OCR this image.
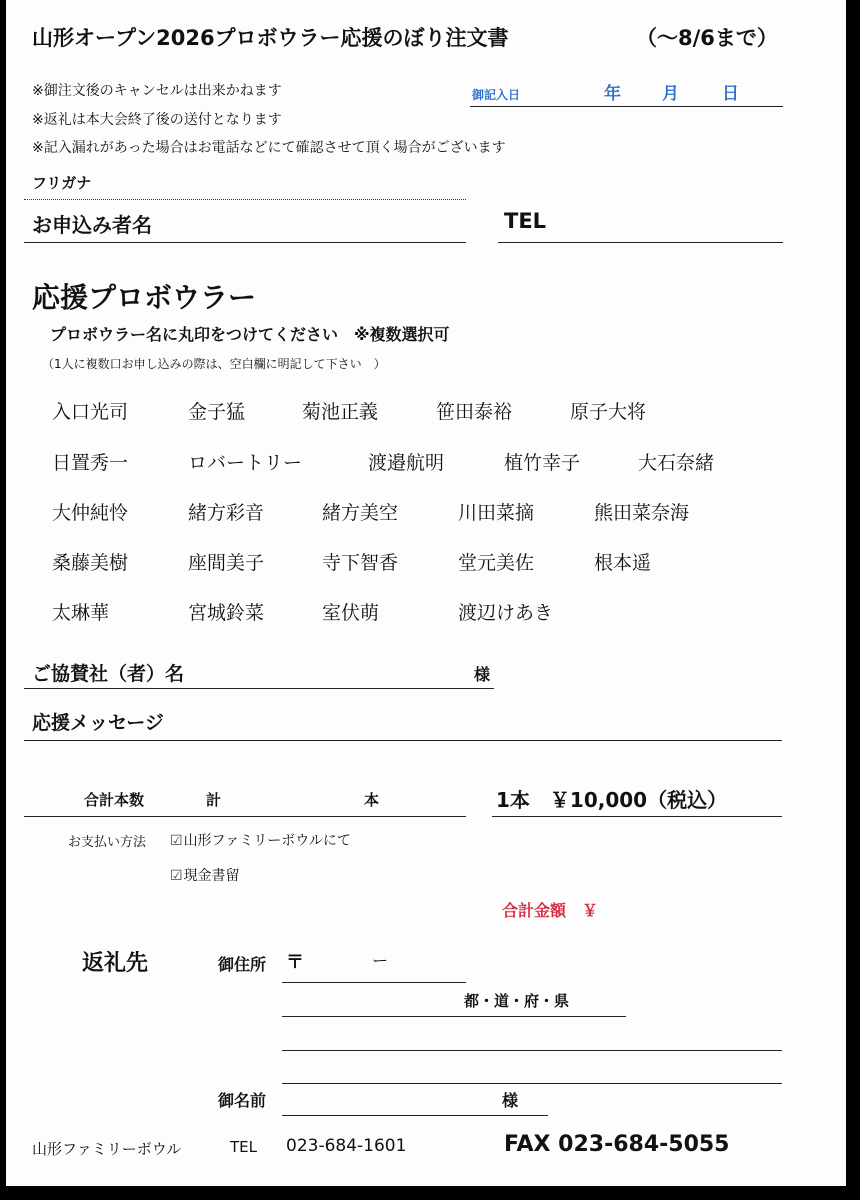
山形オープン2026プロボウラー応援のぼり注文書	（〜8/6まで）
※御注文後のキャンセルは出来かねます
※返礼は本大会終了後の送付となります
※記入漏れがあった場合はお電話などにて確認させて頂く場合がございます
御記入日	年 月	日
フリガナ
お申込み者名	TEL
応援プロボウラー
プロボウラー名に丸印をつけてください　※複数選択可
（1人に複数口お申し込みの際は、空白欄に明記して下さい　）
入口光司	金子猛	菊池正義	笹田泰裕	原子大将
日置秀一	ロバートリー	渡邉航明	植竹幸子	大石奈緒
大仲純怜	緒方彩音	緒方美空	川田菜摘	熊田菜奈海
桑藤美樹	座間美子	寺下智香	堂元美佐	根本遥
太琳華	宮城鈴菜	室伏萌	渡辺けあき
ご協賛社（者）名	様
応援メッセージ
合計本数	計	本	1本　￥10,000（税込）
お支払い方法 ☑山形ファミリーボウルにて
☑現金書留
合計金額　￥
返礼先	御住所 〒	ー
都・道・府・県
御名前	様
山形ファミリーボウル	TEL 023-684-1601	FAX 023-684-5055
